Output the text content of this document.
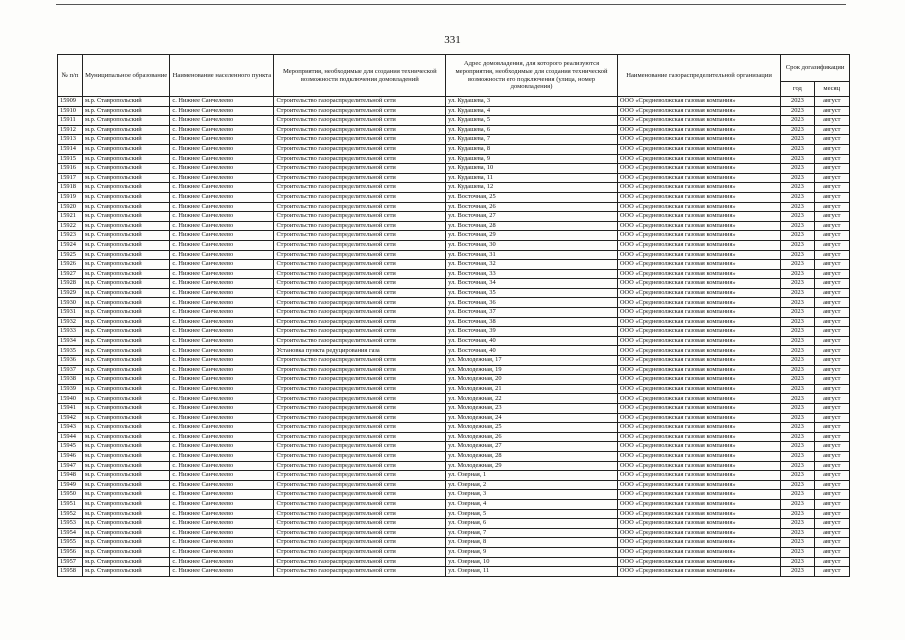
331
№ п/п	Муниципальное образование	Наименование населенного пункта	Мероприятия, необходимые для создания технической возможности подключения домовладений	Адрес домовладения, для которого реализуются мероприятия, необходимые для создания технической возможности его подключения (улица, номер домовладения)	Наименование газораспределительной организации	Срок догазификации	
						год	месяц
15909	м.р. Ставропольский	с. Нижнее Санчелеево	Строительство газораспределительной сети	ул. Кудашева, 3	ООО «Средневолжская газовая компания»	2023	август
15910	м.р. Ставропольский	с. Нижнее Санчелеево	Строительство газораспределительной сети	ул. Кудашева, 4	ООО «Средневолжская газовая компания»	2023	август
15911	м.р. Ставропольский	с. Нижнее Санчелеево	Строительство газораспределительной сети	ул. Кудашева, 5	ООО «Средневолжская газовая компания»	2023	август
15912	м.р. Ставропольский	с. Нижнее Санчелеево	Строительство газораспределительной сети	ул. Кудашева, 6	ООО «Средневолжская газовая компания»	2023	август
15913	м.р. Ставропольский	с. Нижнее Санчелеево	Строительство газораспределительной сети	ул. Кудашева, 7	ООО «Средневолжская газовая компания»	2023	август
15914	м.р. Ставропольский	с. Нижнее Санчелеево	Строительство газораспределительной сети	ул. Кудашева, 8	ООО «Средневолжская газовая компания»	2023	август
15915	м.р. Ставропольский	с. Нижнее Санчелеево	Строительство газораспределительной сети	ул. Кудашева, 9	ООО «Средневолжская газовая компания»	2023	август
15916	м.р. Ставропольский	с. Нижнее Санчелеево	Строительство газораспределительной сети	ул. Кудашева, 10	ООО «Средневолжская газовая компания»	2023	август
15917	м.р. Ставропольский	с. Нижнее Санчелеево	Строительство газораспределительной сети	ул. Кудашева, 11	ООО «Средневолжская газовая компания»	2023	август
15918	м.р. Ставропольский	с. Нижнее Санчелеево	Строительство газораспределительной сети	ул. Кудашева, 12	ООО «Средневолжская газовая компания»	2023	август
15919	м.р. Ставропольский	с. Нижнее Санчелеево	Строительство газораспределительной сети	ул. Восточная, 25	ООО «Средневолжская газовая компания»	2023	август
15920	м.р. Ставропольский	с. Нижнее Санчелеево	Строительство газораспределительной сети	ул. Восточная, 26	ООО «Средневолжская газовая компания»	2023	август
15921	м.р. Ставропольский	с. Нижнее Санчелеево	Строительство газораспределительной сети	ул. Восточная, 27	ООО «Средневолжская газовая компания»	2023	август
15922	м.р. Ставропольский	с. Нижнее Санчелеево	Строительство газораспределительной сети	ул. Восточная, 28	ООО «Средневолжская газовая компания»	2023	август
15923	м.р. Ставропольский	с. Нижнее Санчелеево	Строительство газораспределительной сети	ул. Восточная, 29	ООО «Средневолжская газовая компания»	2023	август
15924	м.р. Ставропольский	с. Нижнее Санчелеево	Строительство газораспределительной сети	ул. Восточная, 30	ООО «Средневолжская газовая компания»	2023	август
15925	м.р. Ставропольский	с. Нижнее Санчелеево	Строительство газораспределительной сети	ул. Восточная, 31	ООО «Средневолжская газовая компания»	2023	август
15926	м.р. Ставропольский	с. Нижнее Санчелеево	Строительство газораспределительной сети	ул. Восточная, 32	ООО «Средневолжская газовая компания»	2023	август
15927	м.р. Ставропольский	с. Нижнее Санчелеево	Строительство газораспределительной сети	ул. Восточная, 33	ООО «Средневолжская газовая компания»	2023	август
15928	м.р. Ставропольский	с. Нижнее Санчелеево	Строительство газораспределительной сети	ул. Восточная, 34	ООО «Средневолжская газовая компания»	2023	август
15929	м.р. Ставропольский	с. Нижнее Санчелеево	Строительство газораспределительной сети	ул. Восточная, 35	ООО «Средневолжская газовая компания»	2023	август
15930	м.р. Ставропольский	с. Нижнее Санчелеево	Строительство газораспределительной сети	ул. Восточная, 36	ООО «Средневолжская газовая компания»	2023	август
15931	м.р. Ставропольский	с. Нижнее Санчелеево	Строительство газораспределительной сети	ул. Восточная, 37	ООО «Средневолжская газовая компания»	2023	август
15932	м.р. Ставропольский	с. Нижнее Санчелеево	Строительство газораспределительной сети	ул. Восточная, 38	ООО «Средневолжская газовая компания»	2023	август
15933	м.р. Ставропольский	с. Нижнее Санчелеево	Строительство газораспределительной сети	ул. Восточная, 39	ООО «Средневолжская газовая компания»	2023	август
15934	м.р. Ставропольский	с. Нижнее Санчелеево	Строительство газораспределительной сети	ул. Восточная, 40	ООО «Средневолжская газовая компания»	2023	август
15935	м.р. Ставропольский	с. Нижнее Санчелеево	Установка пункта редуцирования газа	ул. Восточная, 40	ООО «Средневолжская газовая компания»	2023	август
15936	м.р. Ставропольский	с. Нижнее Санчелеево	Строительство газораспределительной сети	ул. Молодежная, 17	ООО «Средневолжская газовая компания»	2023	август
15937	м.р. Ставропольский	с. Нижнее Санчелеево	Строительство газораспределительной сети	ул. Молодежная, 19	ООО «Средневолжская газовая компания»	2023	август
15938	м.р. Ставропольский	с. Нижнее Санчелеево	Строительство газораспределительной сети	ул. Молодежная, 20	ООО «Средневолжская газовая компания»	2023	август
15939	м.р. Ставропольский	с. Нижнее Санчелеево	Строительство газораспределительной сети	ул. Молодежная, 21	ООО «Средневолжская газовая компания»	2023	август
15940	м.р. Ставропольский	с. Нижнее Санчелеево	Строительство газораспределительной сети	ул. Молодежная, 22	ООО «Средневолжская газовая компания»	2023	август
15941	м.р. Ставропольский	с. Нижнее Санчелеево	Строительство газораспределительной сети	ул. Молодежная, 23	ООО «Средневолжская газовая компания»	2023	август
15942	м.р. Ставропольский	с. Нижнее Санчелеево	Строительство газораспределительной сети	ул. Молодежная, 24	ООО «Средневолжская газовая компания»	2023	август
15943	м.р. Ставропольский	с. Нижнее Санчелеево	Строительство газораспределительной сети	ул. Молодежная, 25	ООО «Средневолжская газовая компания»	2023	август
15944	м.р. Ставропольский	с. Нижнее Санчелеево	Строительство газораспределительной сети	ул. Молодежная, 26	ООО «Средневолжская газовая компания»	2023	август
15945	м.р. Ставропольский	с. Нижнее Санчелеево	Строительство газораспределительной сети	ул. Молодежная, 27	ООО «Средневолжская газовая компания»	2023	август
15946	м.р. Ставропольский	с. Нижнее Санчелеево	Строительство газораспределительной сети	ул. Молодежная, 28	ООО «Средневолжская газовая компания»	2023	август
15947	м.р. Ставропольский	с. Нижнее Санчелеево	Строительство газораспределительной сети	ул. Молодежная, 29	ООО «Средневолжская газовая компания»	2023	август
15948	м.р. Ставропольский	с. Нижнее Санчелеево	Строительство газораспределительной сети	ул. Озерная, 1	ООО «Средневолжская газовая компания»	2023	август
15949	м.р. Ставропольский	с. Нижнее Санчелеево	Строительство газораспределительной сети	ул. Озерная, 2	ООО «Средневолжская газовая компания»	2023	август
15950	м.р. Ставропольский	с. Нижнее Санчелеево	Строительство газораспределительной сети	ул. Озерная, 3	ООО «Средневолжская газовая компания»	2023	август
15951	м.р. Ставропольский	с. Нижнее Санчелеево	Строительство газораспределительной сети	ул. Озерная, 4	ООО «Средневолжская газовая компания»	2023	август
15952	м.р. Ставропольский	с. Нижнее Санчелеево	Строительство газораспределительной сети	ул. Озерная, 5	ООО «Средневолжская газовая компания»	2023	август
15953	м.р. Ставропольский	с. Нижнее Санчелеево	Строительство газораспределительной сети	ул. Озерная, 6	ООО «Средневолжская газовая компания»	2023	август
15954	м.р. Ставропольский	с. Нижнее Санчелеево	Строительство газораспределительной сети	ул. Озерная, 7	ООО «Средневолжская газовая компания»	2023	август
15955	м.р. Ставропольский	с. Нижнее Санчелеево	Строительство газораспределительной сети	ул. Озерная, 8	ООО «Средневолжская газовая компания»	2023	август
15956	м.р. Ставропольский	с. Нижнее Санчелеево	Строительство газораспределительной сети	ул. Озерная, 9	ООО «Средневолжская газовая компания»	2023	август
15957	м.р. Ставропольский	с. Нижнее Санчелеево	Строительство газораспределительной сети	ул. Озерная, 10	ООО «Средневолжская газовая компания»	2023	август
15958	м.р. Ставропольский	с. Нижнее Санчелеево	Строительство газораспределительной сети	ул. Озерная, 11	ООО «Средневолжская газовая компания»	2023	август
